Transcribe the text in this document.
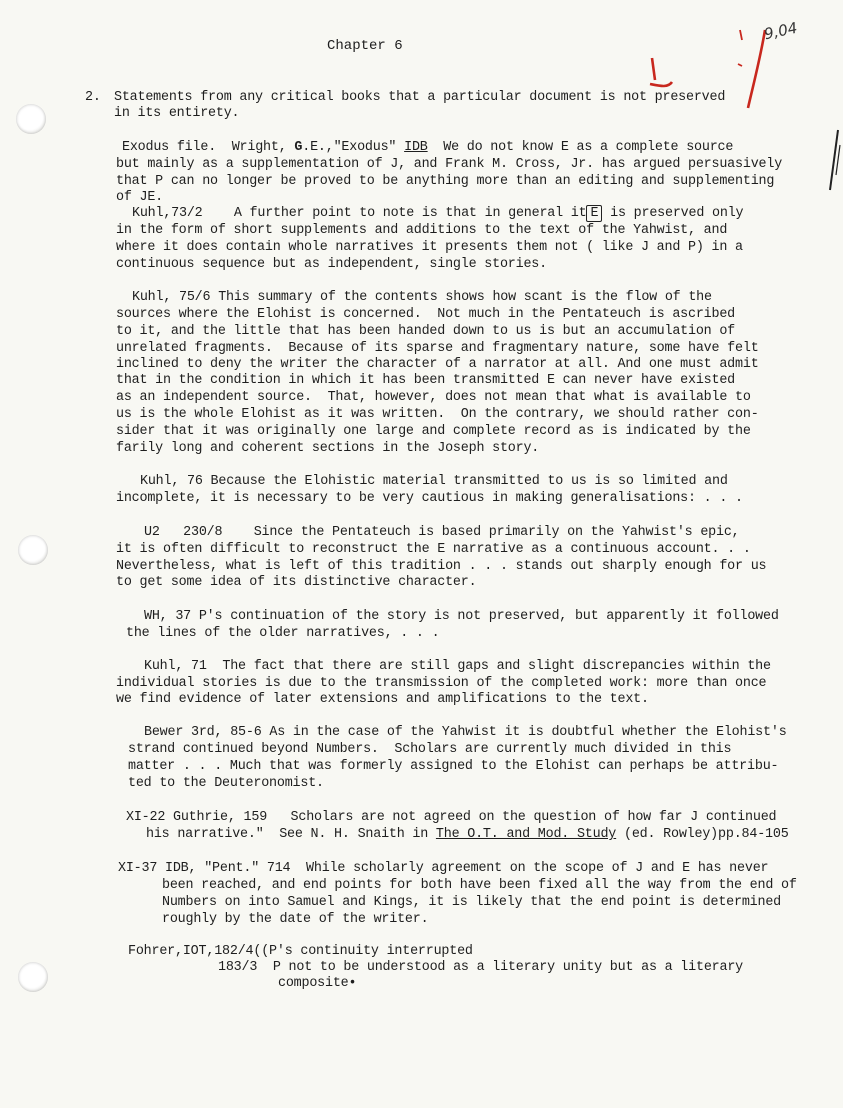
9,04
Chapter 6
2. Statements from any critical books that a particular document is not preserved
in its entirety.
Exodus file.  Wright, G.E.,"Exodus" IDB  We do not know E as a complete source
but mainly as a supplementation of J, and Frank M. Cross, Jr. has argued persuasively
that P can no longer be proved to be anything more than an editing and supplementing
of JE.
Kuhl,73/2    A further point to note is that in general it E is preserved only
in the form of short supplements and additions to the text of the Yahwist, and
where it does contain whole narratives it presents them not ( like J and P) in a
continuous sequence but as independent, single stories.
Kuhl, 75/6 This summary of the contents shows how scant is the flow of the
sources where the Elohist is concerned.  Not much in the Pentateuch is ascribed
to it, and the little that has been handed down to us is but an accumulation of
unrelated fragments.  Because of its sparse and fragmentary nature, some have felt
inclined to deny the writer the character of a narrator at all. And one must admit
that in the condition in which it has been transmitted E can never have existed
as an independent source.  That, however, does not mean that what is available to
us is the whole Elohist as it was written.  On the contrary, we should rather con-
sider that it was originally one large and complete record as is indicated by the
farily long and coherent sections in the Joseph story.
Kuhl, 76 Because the Elohistic material transmitted to us is so limited and
incomplete, it is necessary to be very cautious in making generalisations: . . .
U2   230/8    Since the Pentateuch is based primarily on the Yahwist's epic,
it is often difficult to reconstruct the E narrative as a continuous account. . .
Nevertheless, what is left of this tradition . . . stands out sharply enough for us
to get some idea of its distinctive character.
WH, 37 P's continuation of the story is not preserved, but apparently it followed
the lines of the older narratives, . . .
Kuhl, 71  The fact that there are still gaps and slight discrepancies within the
individual stories is due to the transmission of the completed work: more than once
we find evidence of later extensions and amplifications to the text.
Bewer 3rd, 85-6 As in the case of the Yahwist it is doubtful whether the Elohist's
strand continued beyond Numbers.  Scholars are currently much divided in this
matter . . . Much that was formerly assigned to the Elohist can perhaps be attribu-
ted to the Deuteronomist.
XI-22 Guthrie, 159   Scholars are not agreed on the question of how far J continued
his narrative."  See N. H. Snaith in The O.T. and Mod. Study (ed. Rowley)pp.84-105
XI-37 IDB, "Pent." 714  While scholarly agreement on the scope of J and E has never
been reached, and end points for both have been fixed all the way from the end of
Numbers on into Samuel and Kings, it is likely that the end point is determined
roughly by the date of the writer.
Fohrer,IOT,182/4((P's continuity interrupted
183/3  P not to be understood as a literary unity but as a literary
composite•
